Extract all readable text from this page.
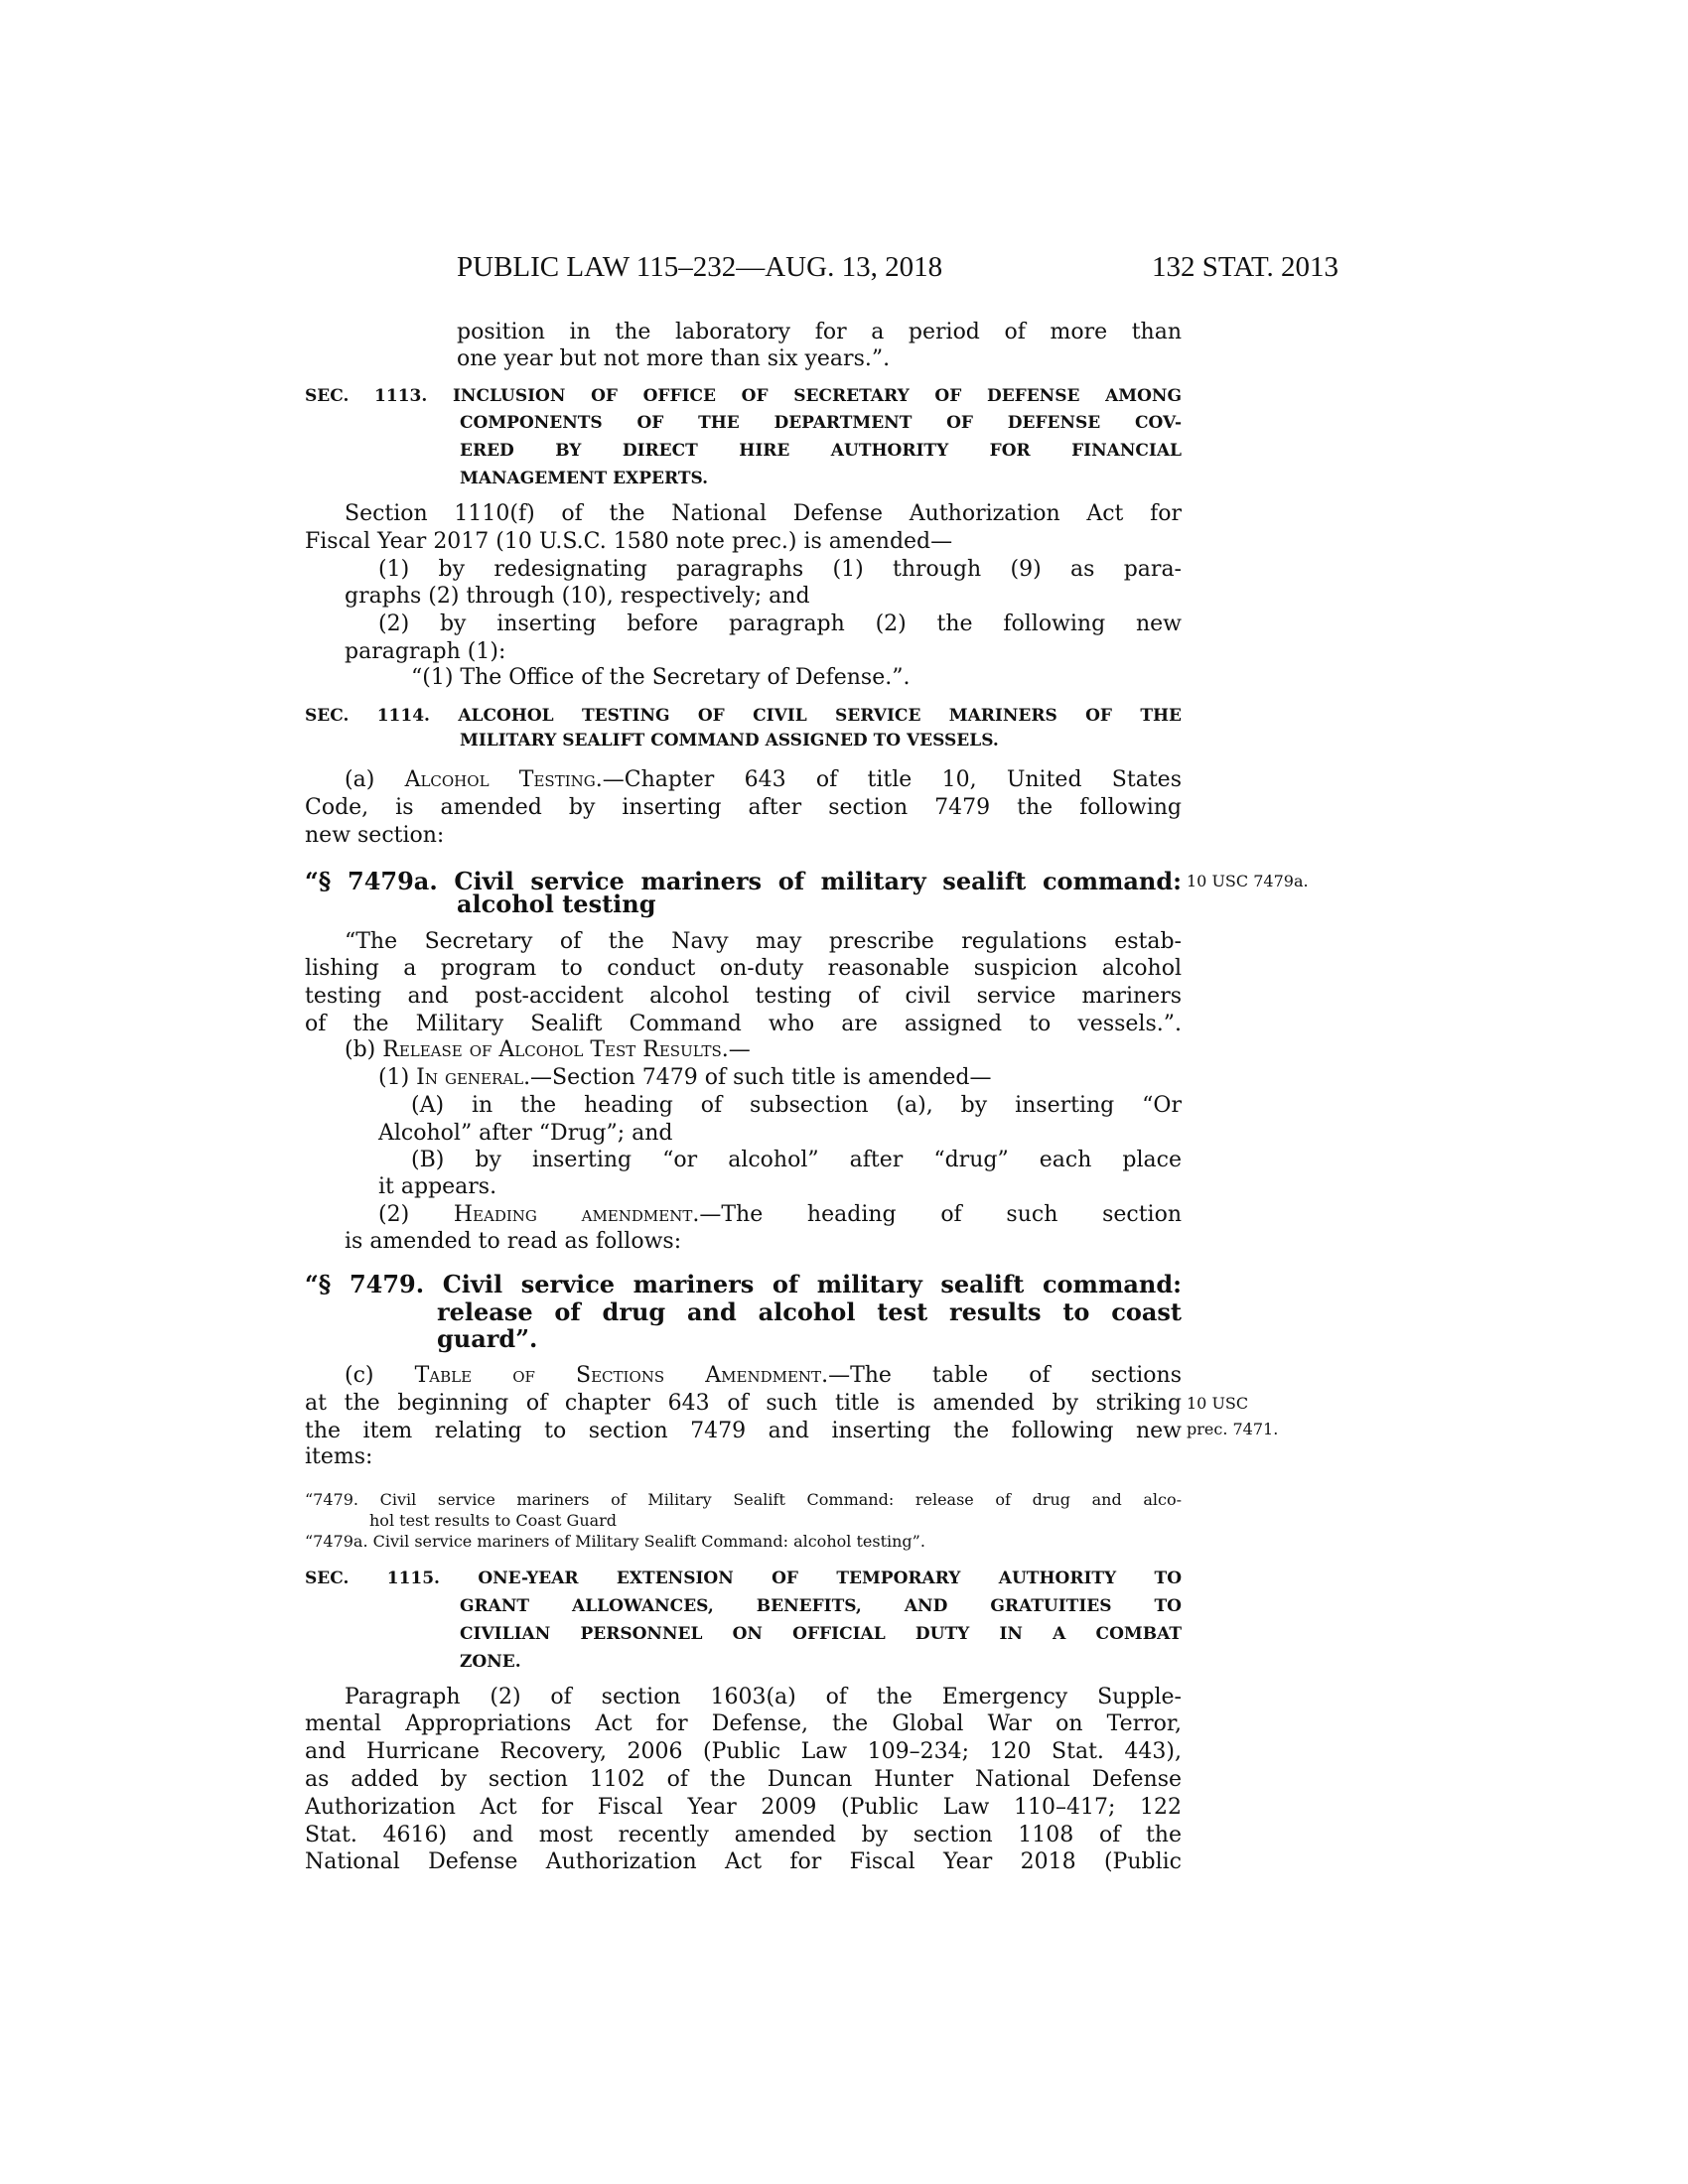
PUBLIC LAW 115–232—AUG. 13, 2018	132 STAT. 2013
position in the laboratory for a period of more than
one year but not more than six years.”.
SEC. 1113. INCLUSION OF OFFICE OF SECRETARY OF DEFENSE AMONG
COMPONENTS OF THE DEPARTMENT OF DEFENSE COV-
ERED BY DIRECT HIRE AUTHORITY FOR FINANCIAL
MANAGEMENT EXPERTS.
Section 1110(f) of the National Defense Authorization Act for
Fiscal Year 2017 (10 U.S.C. 1580 note prec.) is amended—
(1) by redesignating paragraphs (1) through (9) as para-
graphs (2) through (10), respectively; and
(2) by inserting before paragraph (2) the following new
paragraph (1):
“(1) The Office of the Secretary of Defense.”.
SEC. 1114. ALCOHOL TESTING OF CIVIL SERVICE MARINERS OF THE
MILITARY SEALIFT COMMAND ASSIGNED TO VESSELS.
(a) Alcohol Testing.—Chapter 643 of title 10, United States
Code, is amended by inserting after section 7479 the following
new section:
“§ 7479a. Civil service mariners of military sealift command:
alcohol testing
10 USC 7479a.
“The Secretary of the Navy may prescribe regulations estab-
lishing a program to conduct on-duty reasonable suspicion alcohol
testing and post-accident alcohol testing of civil service mariners
of the Military Sealift Command who are assigned to vessels.”.
(b) Release of Alcohol Test Results.—
(1) In general.—Section 7479 of such title is amended—
(A) in the heading of subsection (a), by inserting “Or
Alcohol” after “Drug”; and
(B) by inserting “or alcohol” after “drug” each place
it appears.
(2) Heading amendment.—The heading of such section
is amended to read as follows:
“§ 7479. Civil service mariners of military sealift command:
release of drug and alcohol test results to coast
guard”.
(c) Table of Sections Amendment.—The table of sections
at the beginning of chapter 643 of such title is amended by striking
the item relating to section 7479 and inserting the following new
items:
10 USC
prec. 7471.
“7479. Civil service mariners of Military Sealift Command: release of drug and alco-
hol test results to Coast Guard
“7479a. Civil service mariners of Military Sealift Command: alcohol testing”.
SEC. 1115. ONE-YEAR EXTENSION OF TEMPORARY AUTHORITY TO
GRANT ALLOWANCES, BENEFITS, AND GRATUITIES TO
CIVILIAN PERSONNEL ON OFFICIAL DUTY IN A COMBAT
ZONE.
Paragraph (2) of section 1603(a) of the Emergency Supple-
mental Appropriations Act for Defense, the Global War on Terror,
and Hurricane Recovery, 2006 (Public Law 109–234; 120 Stat. 443),
as added by section 1102 of the Duncan Hunter National Defense
Authorization Act for Fiscal Year 2009 (Public Law 110–417; 122
Stat. 4616) and most recently amended by section 1108 of the
National Defense Authorization Act for Fiscal Year 2018 (Public
